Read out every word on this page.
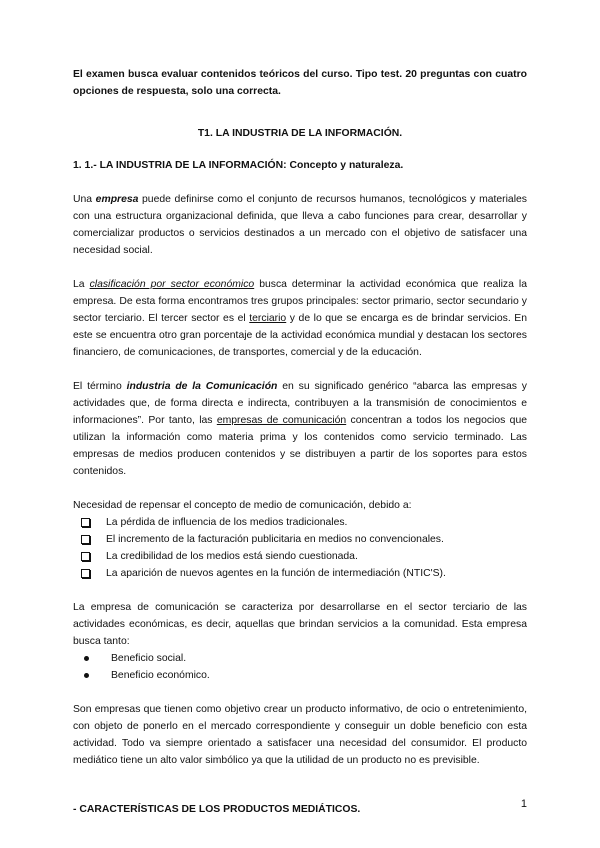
El examen busca evaluar contenidos teóricos del curso. Tipo test. 20 preguntas con cuatro opciones de respuesta, solo una correcta.

T1. LA INDUSTRIA DE LA INFORMACIÓN.

1. 1.- LA INDUSTRIA DE LA INFORMACIÓN: Concepto y naturaleza.

Una empresa puede definirse como el conjunto de recursos humanos, tecnológicos y materiales con una estructura organizacional definida, que lleva a cabo funciones para crear, desarrollar y comercializar productos o servicios destinados a un mercado con el objetivo de satisfacer una necesidad social.

La clasificación por sector económico busca determinar la actividad económica que realiza la empresa. De esta forma encontramos tres grupos principales: sector primario, sector secundario y sector terciario. El tercer sector es el terciario y de lo que se encarga es de brindar servicios. En este se encuentra otro gran porcentaje de la actividad económica mundial y destacan los sectores financiero, de comunicaciones, de transportes, comercial y de la educación.

El término industria de la Comunicación en su significado genérico “abarca las empresas y actividades que, de forma directa e indirecta, contribuyen a la transmisión de conocimientos e informaciones”. Por tanto, las empresas de comunicación concentran a todos los negocios que utilizan la información como materia prima y los contenidos como servicio terminado. Las empresas de medios producen contenidos y se distribuyen a partir de los soportes para estos contenidos.

Necesidad de repensar el concepto de medio de comunicación, debido a:

La pérdida de influencia de los medios tradicionales.
El incremento de la facturación publicitaria en medios no convencionales.
La credibilidad de los medios está siendo cuestionada.
La aparición de nuevos agentes en la función de intermediación (NTIC'S).

La empresa de comunicación se caracteriza por desarrollarse en el sector terciario de las actividades económicas, es decir, aquellas que brindan servicios a la comunidad. Esta empresa busca tanto:

Beneficio social.
Beneficio económico.

Son empresas que tienen como objetivo crear un producto informativo, de ocio o entretenimiento, con objeto de ponerlo en el mercado correspondiente y conseguir un doble beneficio con esta actividad. Todo va siempre orientado a satisfacer una necesidad del consumidor. El producto mediático tiene un alto valor simbólico ya que la utilidad de un producto no es previsible.

- CARACTERÍSTICAS DE LOS PRODUCTOS MEDIÁTICOS.	1
